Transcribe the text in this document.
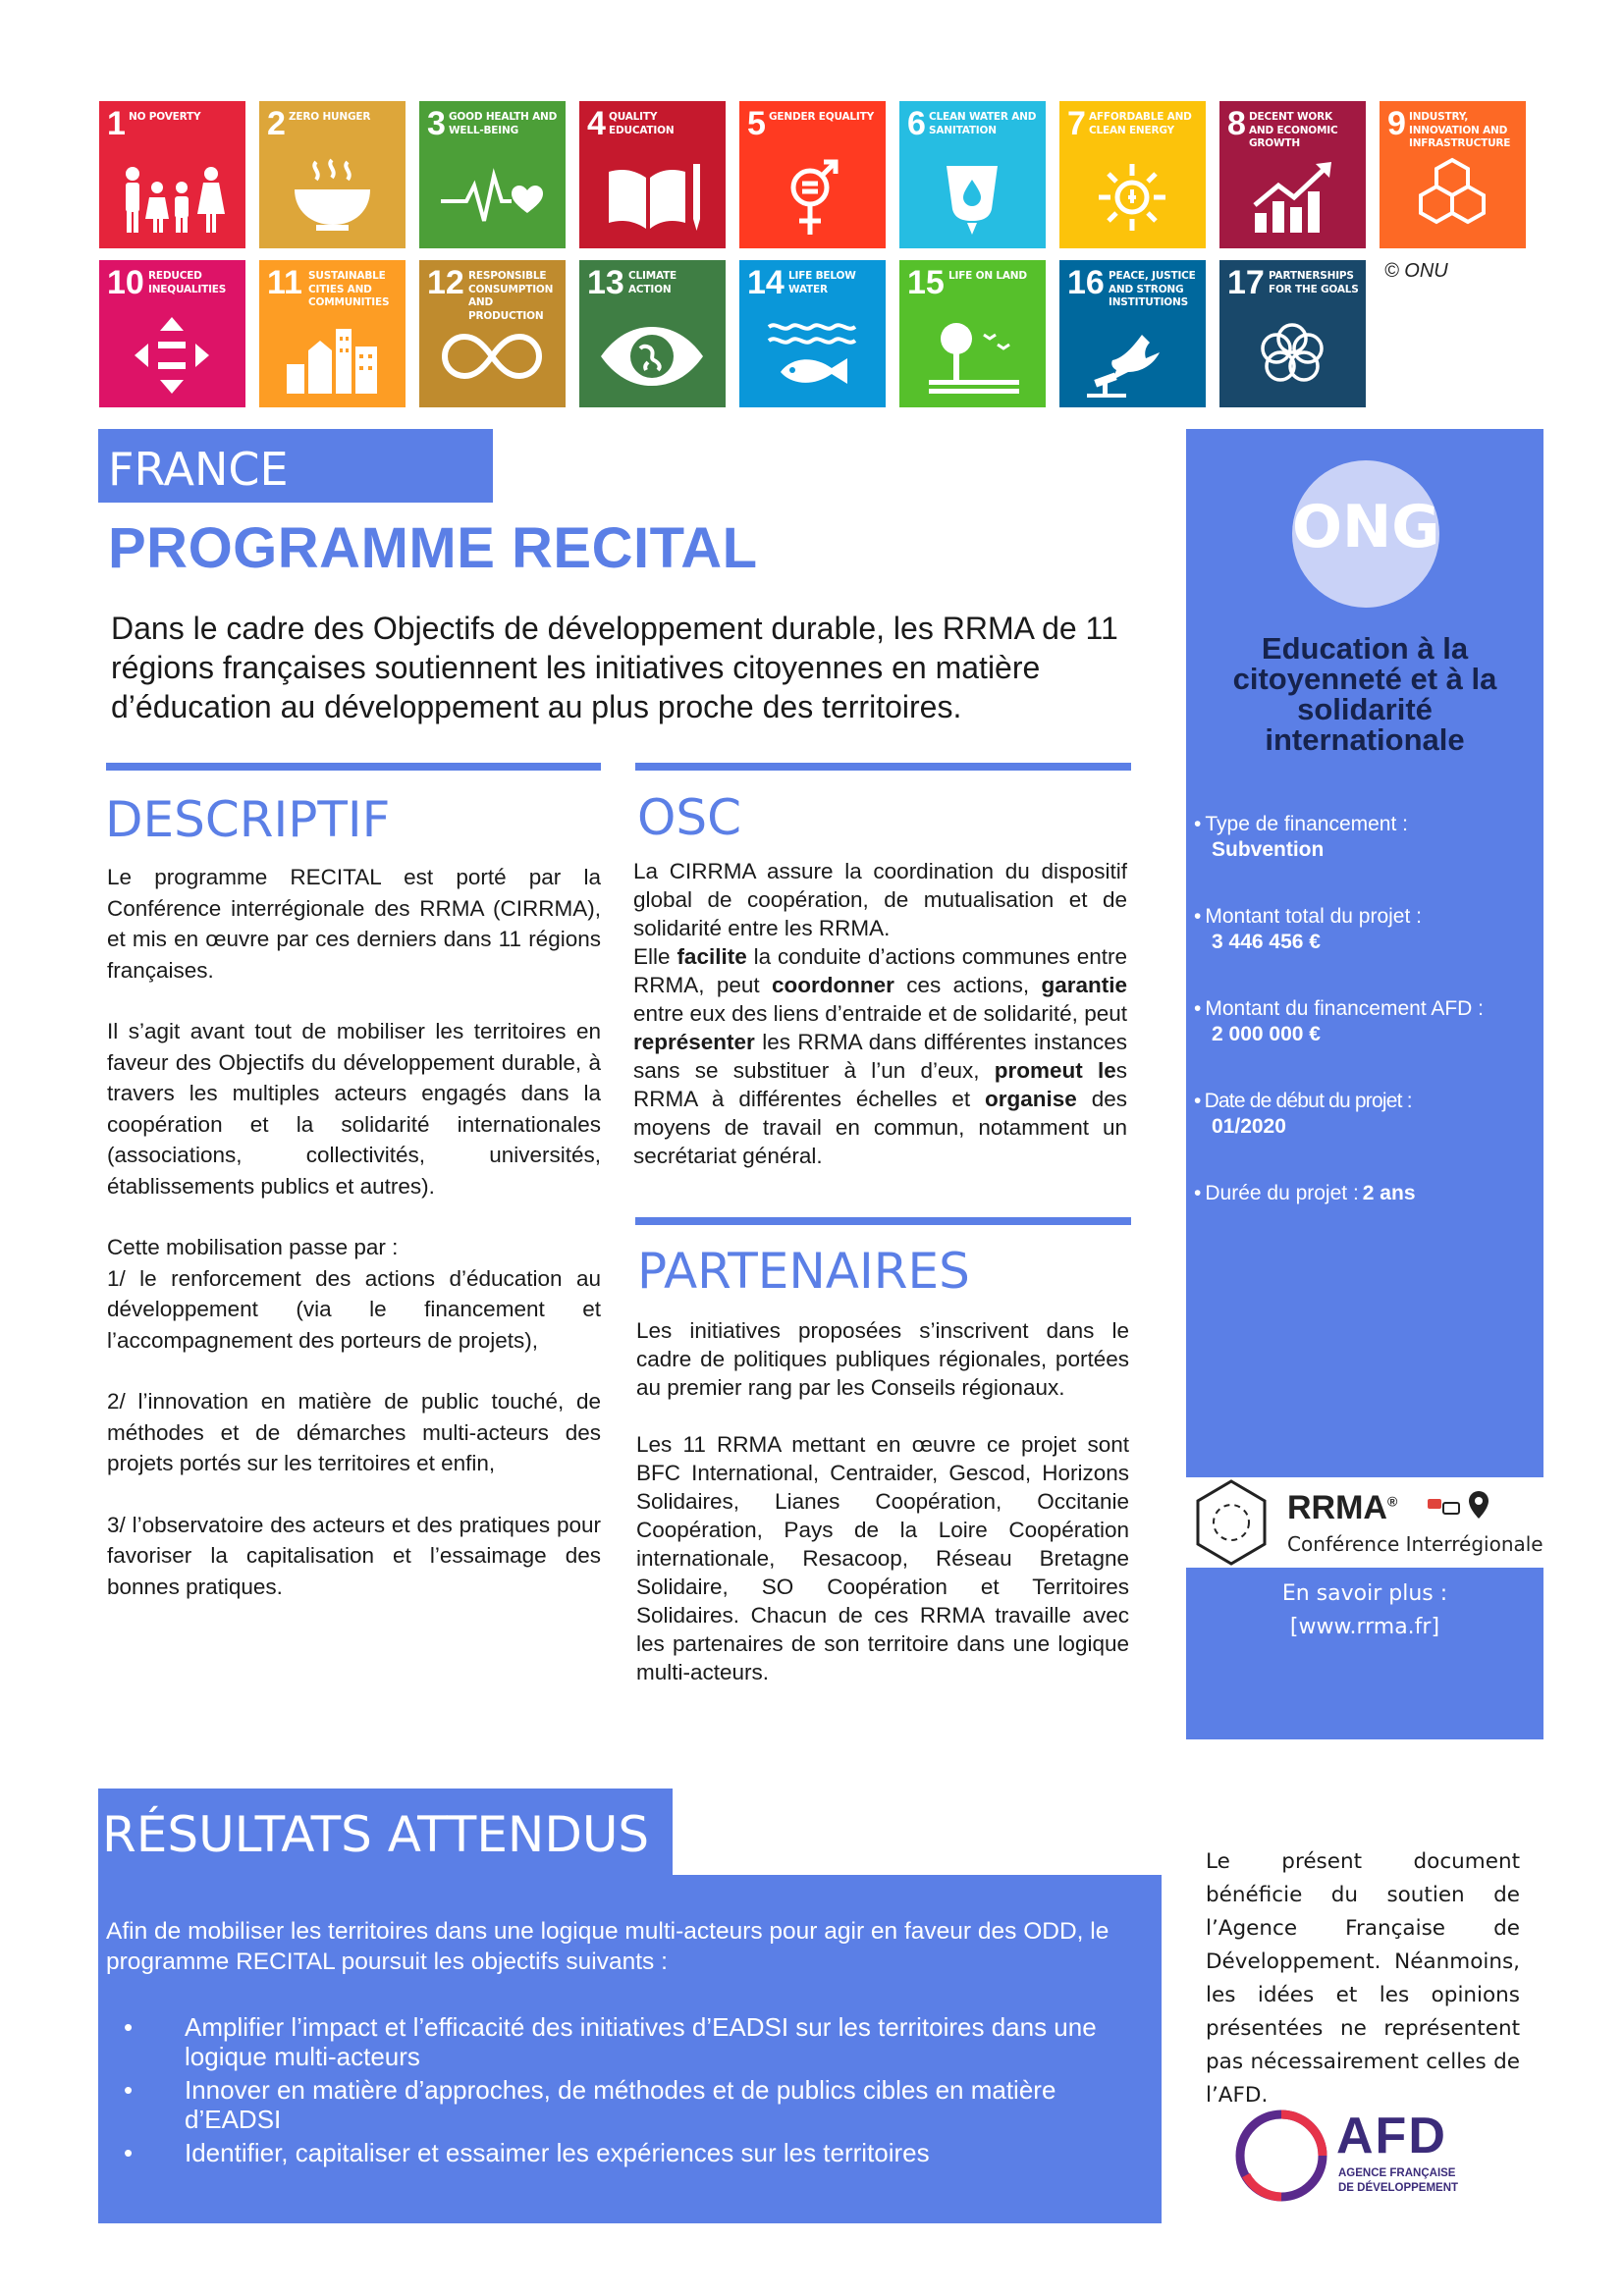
1 NO POVERTY	2 ZERO HUNGER	3 GOOD HEALTH AND WELL-BEING	4 QUALITY EDUCATION	5 GENDER EQUALITY 6 CLEAN WATER AND SANITATION	7 AFFORDABLE AND CLEAN ENERGY	8 DECENT WORK AND ECONOMIC GROWTH
9 INDUSTRY, INNOVATION AND INFRASTRUCTURE
10 REDUCED INEQUALITIES	11 SUSTAINABLE CITIES AND COMMUNITIES
12 RESPONSIBLE CONSUMPTION AND PRODUCTION
13 CLIMATE ACTION	14 LIFE BELOW WATER	15 LIFE ON LAND	16 PEACE, JUSTICE AND STRONG INSTITUTIONS
17 PARTNERSHIPS FOR THE GOALS
© ONU
FRANCE
PROGRAMME RECITAL
Dans le cadre des Objectifs de développement durable, les RRMA de 11 régions françaises soutiennent les initiatives citoyennes en matière d’éducation au développement au plus proche des territoires.
DESCRIPTIF

Le programme RECITAL est porté par la Conférence interrégionale des RRMA (CIRRMA), et mis en œuvre par ces derniers dans 11 régions françaises.

Il s’agit avant tout de mobiliser les territoires en faveur des Objectifs du développement durable, à travers les multiples acteurs engagés dans la coopération et la solidarité internationales (associations, collectivités, universités, établissements publics et autres).

Cette mobilisation passe par :

1/ le renforcement des actions d’éducation au développement (via le financement et l’accompagnement des porteurs de projets),

2/ l’innovation en matière de public touché, de méthodes et de démarches multi-acteurs des projets portés sur les territoires et enfin,

3/ l’observatoire des acteurs et des pratiques pour favoriser la capitalisation et l’essaimage des bonnes pratiques.

OSC

La CIRRMA assure la coordination du dispositif global de coopération, de mutualisation et de solidarité entre les RRMA.

Elle facilite la conduite d’actions communes entre RRMA, peut coordonner ces actions, garantie entre eux des liens d’entraide et de solidarité, peut représenter les RRMA dans différentes instances sans se substituer à l’un d’eux, promeut les RRMA à différentes échelles et organise des moyens de travail en commun, notamment un secrétariat général.

PARTENAIRES

Les initiatives proposées s’inscrivent dans le cadre de politiques publiques régionales, portées au premier rang par les Conseils régionaux.

Les 11 RRMA mettant en œuvre ce projet sont BFC International, Centraider, Gescod, Horizons Solidaires, Lianes Coopération, Occitanie Coopération, Pays de la Loire Coopération internationale, Resacoop, Réseau Bretagne Solidaire, SO Coopération et Territoires Solidaires. Chacun de ces RRMA travaille avec les partenaires de son territoire dans une logique multi-acteurs.

ONG
Education à la citoyenneté et à la solidarité internationale
• Type de financement :
Subvention
• Montant total du projet :
3 446 456 €
• Montant du financement AFD :
2 000 000 €
• Date de début du projet :
01/2020
• Durée du projet : 2 ans
RRMA®
Conférence Interrégionale
En savoir plus :
[www.rrma.fr]
RÉSULTATS ATTENDUS
Afin de mobiliser les territoires dans une logique multi-acteurs pour agir en faveur des ODD, le programme RECITAL poursuit les objectifs suivants :
• Amplifier l’impact et l’efficacité des initiatives d’EADSI sur les territoires dans une logique multi-acteurs
• Innover en matière d’approches, de méthodes et de publics cibles en matière d’EADSI
• Identifier, capitaliser et essaimer les expériences sur les territoires
Le présent document bénéficie du soutien de l’Agence Française de Développement. Néanmoins, les idées et les opinions présentées ne représentent pas nécessairement celles de l’AFD.
AFD
AGENCE FRANÇAISE
DE DÉVELOPPEMENT
